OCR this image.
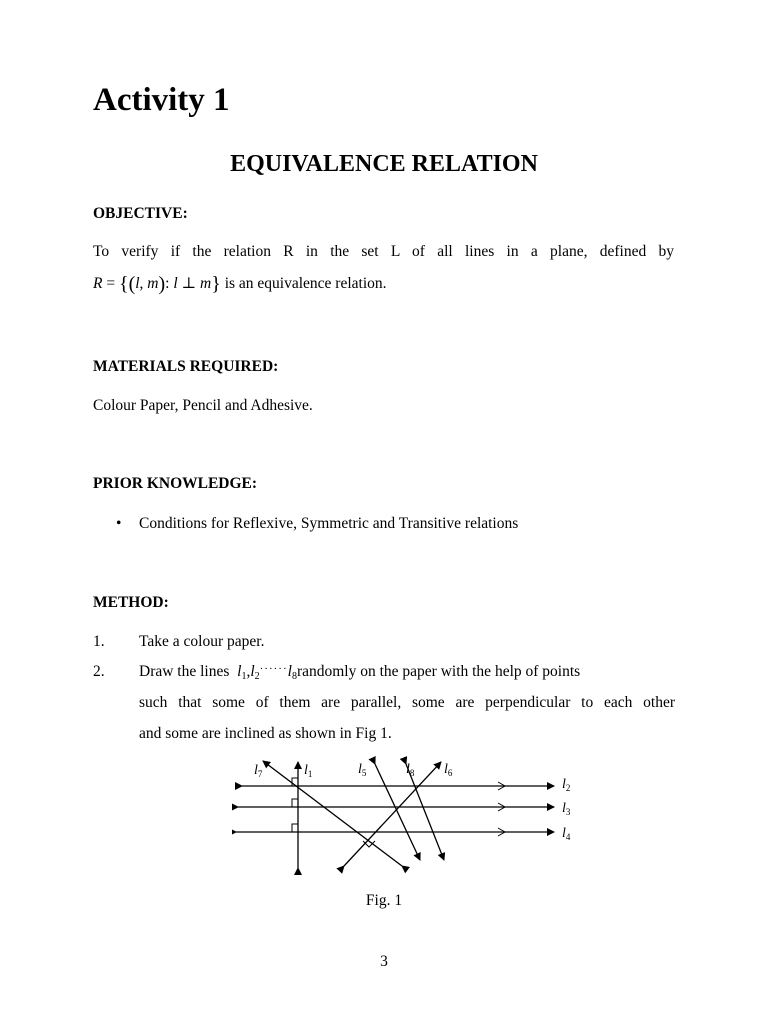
Activity 1
EQUIVALENCE RELATION
OBJECTIVE:
To verify if the relation R in the set L of all lines in a plane, defined by
R = {(l, m): l ⊥ m} is an equivalence relation.
MATERIALS REQUIRED:
Colour Paper, Pencil and Adhesive.
PRIOR KNOWLEDGE:
• Conditions for Reflexive, Symmetric and Transitive relations
METHOD:
1. Take a colour paper.
2. Draw the lines $l_1,l_2^{\cdot\cdot\cdot\cdot\cdot\cdot}l_8randomly$ on the paper with the help of points
such that some of them are parallel, some are perpendicular to each other
and some are inclined as shown in Fig 1.
$l_7$	$l_1$	$l_5$	$l_8$ $l_6$
$l_2$
$l_3$
$l_4$
Fig. 1
3
